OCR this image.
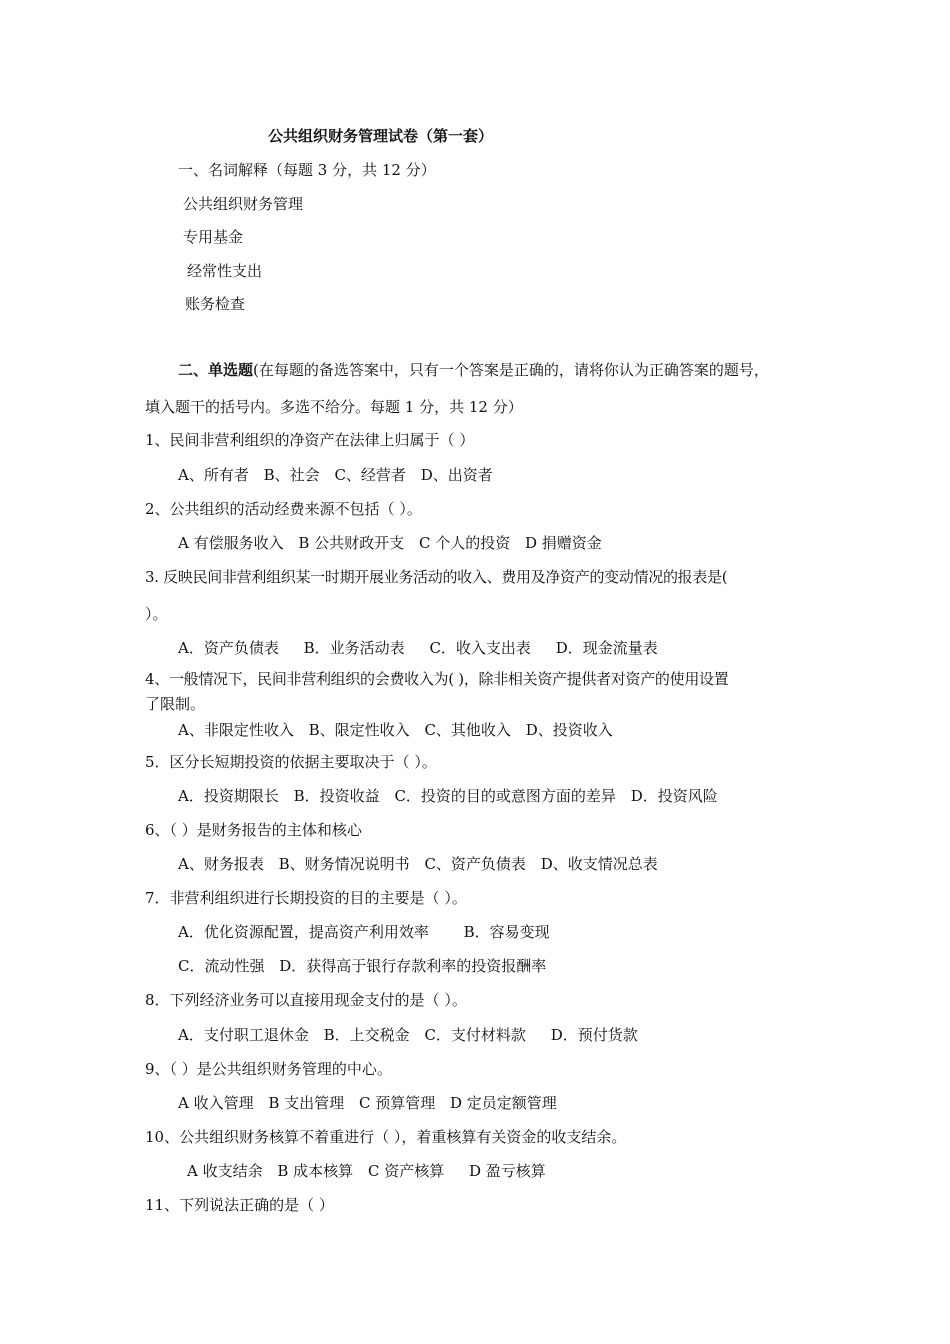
公共组织财务管理试卷（第一套）
一、名词解释（每题 3 分，共 12 分）
公共组织财务管理
专用基金
经常性支出
账务检查
二、单选题(在每题的备选答案中，只有一个答案是正确的，请将你认为正确答案的题号，
填入题干的括号内。多选不给分。每题 1 分，共 12 分）
1、民间非营利组织的净资产在法律上归属于（ ）
A、所有者 B、社会 C、经营者 D、出资者
2、公共组织的活动经费来源不包括（ ）。
A 有偿服务收入 B 公共财政开支 C 个人的投资 D 捐赠资金
3. 反映民间非营利组织某一时期开展业务活动的收入、费用及净资产的变动情况的报表是(
）。
A．资产负债表 B．业务活动表 C．收入支出表 D．现金流量表
4、一般情况下，民间非营利组织的会费收入为( )，除非相关资产提供者对资产的使用设置
了限制。
A、非限定性收入 B、限定性收入 C、其他收入 D、投资收入
5．区分长短期投资的依据主要取决于（ ）。
A．投资期限长 B．投资收益 C．投资的目的或意图方面的差异 D．投资风险
6、（ ）是财务报告的主体和核心
A、财务报表 B、财务情况说明书 C、资产负债表 D、收支情况总表
7．非营利组织进行长期投资的目的主要是（ ）。
A．优化资源配置，提高资产利用效率 B．容易变现
C．流动性强 D．获得高于银行存款利率的投资报酬率
8．下列经济业务可以直接用现金支付的是（ ）。
A．支付职工退休金 B．上交税金 C．支付材料款 D．预付货款
9、（ ）是公共组织财务管理的中心。
A 收入管理 B 支出管理 C 预算管理 D 定员定额管理
10、公共组织财务核算不着重进行（ ），着重核算有关资金的收支结余。
A 收支结余 B 成本核算 C 资产核算 D 盈亏核算
11、下列说法正确的是（ ）
